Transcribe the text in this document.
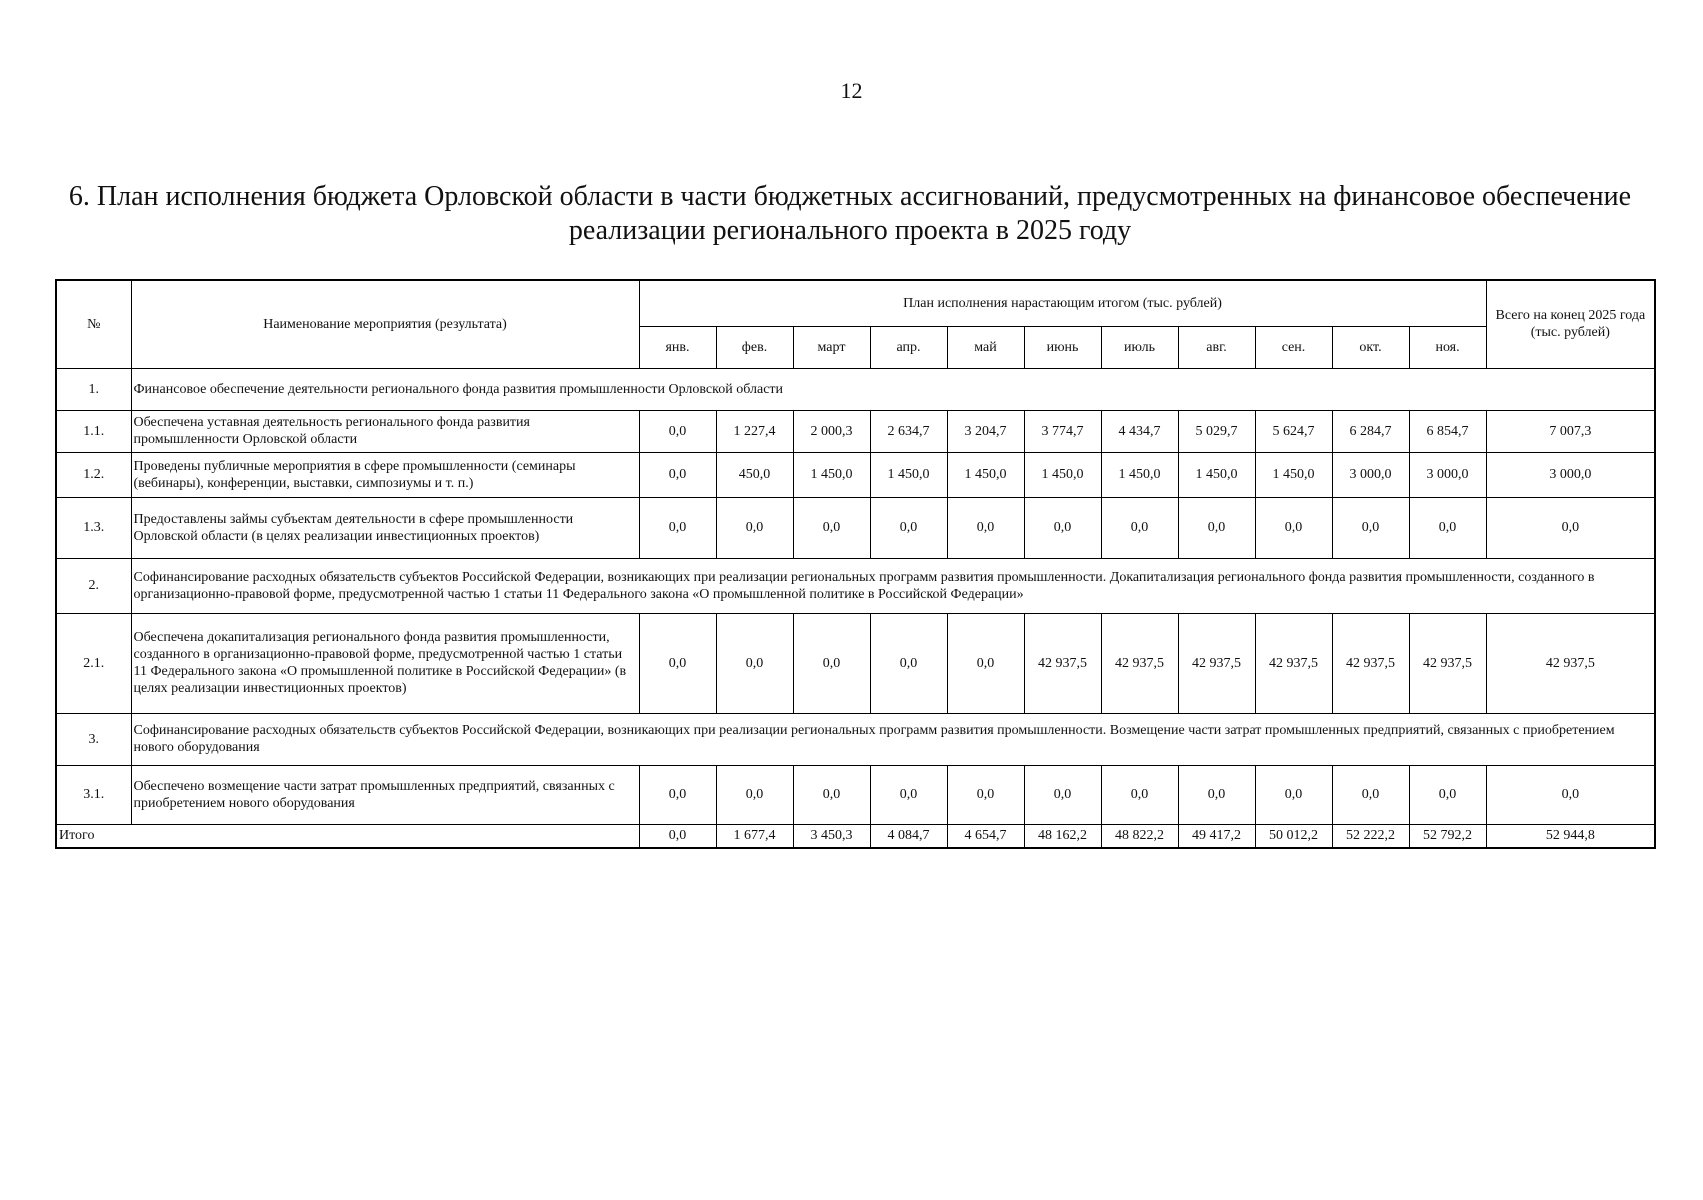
12
6. План исполнения бюджета Орловской области в части бюджетных ассигнований, предусмотренных на финансовое обеспечение
реализации регионального проекта в 2025 году
№	Наименование мероприятия (результата)	План исполнения нарастающим итогом (тыс. рублей)											Всего на конец 2025 года (тыс. рублей)
		янв.	фев.	март	апр.	май	июнь	июль	авг.	сен.	окт.	ноя.	
1.	Финансовое обеспечение деятельности регионального фонда развития промышленности Орловской области												
1.1.	Обеспечена уставная деятельность регионального фонда развития промышленности Орловской области	0,0	1 227,4	2 000,3	2 634,7	3 204,7	3 774,7	4 434,7	5 029,7	5 624,7	6 284,7	6 854,7	7 007,3
1.2.	Проведены публичные мероприятия в сфере промышленности (семинары (вебинары), конференции, выставки, симпозиумы и т. п.)	0,0	450,0	1 450,0	1 450,0	1 450,0	1 450,0	1 450,0	1 450,0	1 450,0	3 000,0	3 000,0	3 000,0
1.3.	Предоставлены займы субъектам деятельности в сфере промышленности Орловской области (в целях реализации инвестиционных проектов)	0,0	0,0	0,0	0,0	0,0	0,0	0,0	0,0	0,0	0,0	0,0	0,0
2.	Софинансирование расходных обязательств субъектов Российской Федерации, возникающих при реализации региональных программ развития промышленности. Докапитализация регионального фонда развития промышленности, созданного в организационно-правовой форме, предусмотренной частью 1 статьи 11 Федерального закона «О промышленной политике в Российской Федерации»												
2.1.	Обеспечена докапитализация регионального фонда развития промышленности, созданного в организационно-правовой форме, предусмотренной частью 1 статьи 11 Федерального закона «О промышленной политике в Российской Федерации» (в целях реализации инвестиционных проектов)	0,0	0,0	0,0	0,0	0,0	42 937,5	42 937,5	42 937,5	42 937,5	42 937,5	42 937,5	42 937,5
3.	Софинансирование расходных обязательств субъектов Российской Федерации, возникающих при реализации региональных программ развития промышленности. Возмещение части затрат промышленных предприятий, связанных с приобретением нового оборудования												
3.1.	Обеспечено возмещение части затрат промышленных предприятий, связанных с приобретением нового оборудования	0,0	0,0	0,0	0,0	0,0	0,0	0,0	0,0	0,0	0,0	0,0	0,0
Итого		0,0	1 677,4	3 450,3	4 084,7	4 654,7	48 162,2	48 822,2	49 417,2	50 012,2	52 222,2	52 792,2	52 944,8
